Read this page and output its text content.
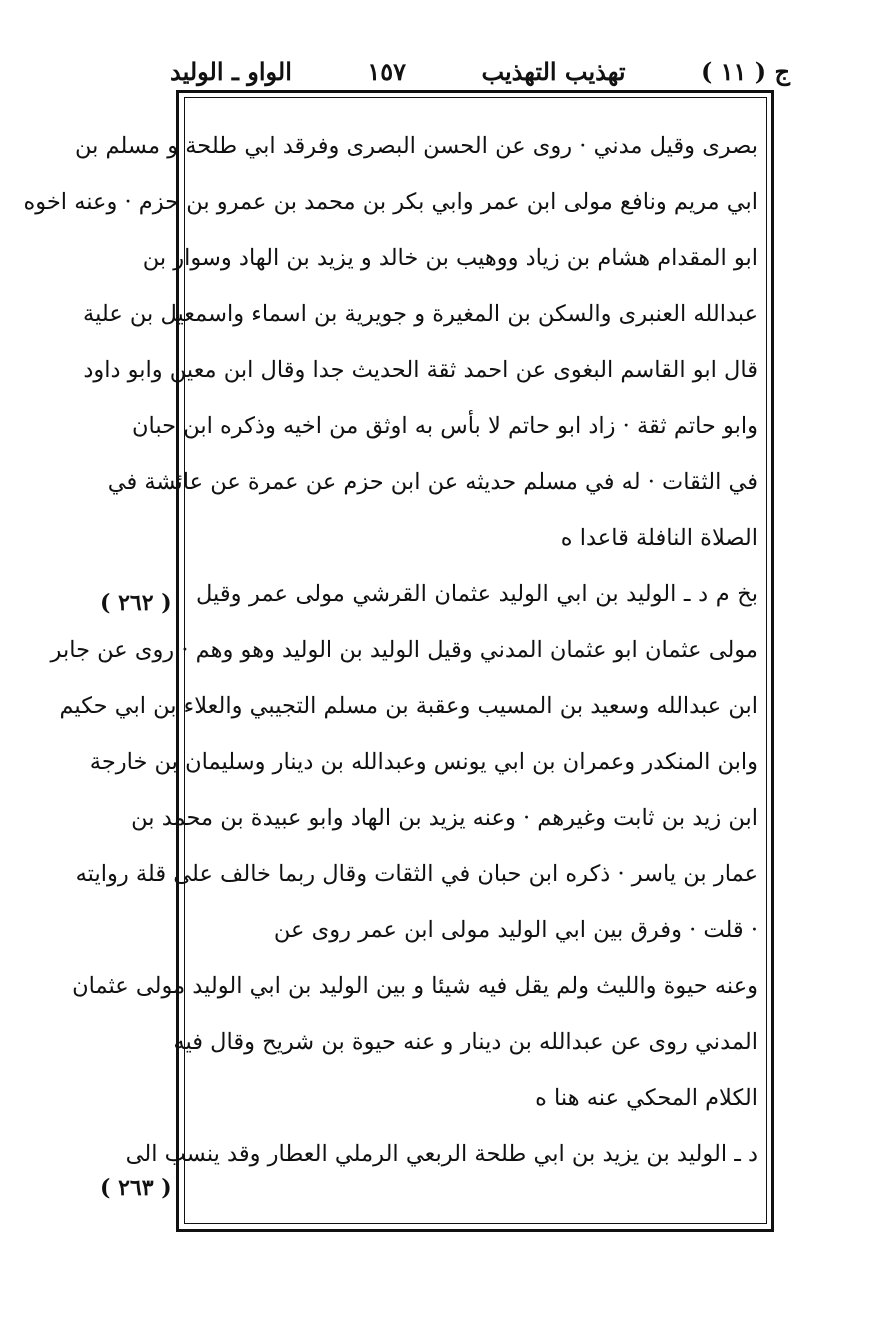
ج ( ١١ )
تهذيب التهذيب
١٥٧
الواو ـ الوليد
بصرى وقيل مدني · روى عن الحسن البصرى وفرقد ابي طلحة و مسلم بن
ابي مريم ونافع مولى ابن عمر وابي بكر بن محمد بن عمرو بن حزم · وعنه اخوه
ابو المقدام هشام بن زياد ووهيب بن خالد و يزيد بن الهاد وسوار بن
عبدالله العنبرى والسكن بن المغيرة و جويرية بن اسماء واسمعيل بن علية
قال ابو القاسم البغوى عن احمد ثقة الحديث جدا وقال ابن معين وابو داود
وابو حاتم ثقة · زاد ابو حاتم لا بأس به اوثق من اخيه وذكره ابن حبان
في الثقات · له في مسلم حديثه عن ابن حزم عن عمرة عن عائشة في
الصلاة النافلة قاعدا ه
بخ م د ـ الوليد بن ابي الوليد عثمان القرشي مولى عمر وقيل
مولى عثمان ابو عثمان المدني وقيل الوليد بن الوليد وهو وهم · روى عن جابر
ابن عبدالله وسعيد بن المسيب وعقبة بن مسلم التجيبي والعلاء بن ابي حكيم
وابن المنكدر وعمران بن ابي يونس وعبدالله بن دينار وسليمان بن خارجة
ابن زيد بن ثابت وغيرهم · وعنه يزيد بن الهاد وابو عبيدة بن محمد بن
عمار بن ياسر · ذكره ابن حبان في الثقات وقال ربما خالف على قلة روايته
· قلت · وفرق بين ابي الوليد مولى ابن عمر روى عن
وعنه حيوة والليث ولم يقل فيه شيئا و بين الوليد بن ابي الوليد مولى عثمان
المدني روى عن عبدالله بن دينار و عنه حيوة بن شريح وقال فيه
الكلام المحكي عنه هنا ه
د ـ الوليد بن يزيد بن ابي طلحة الربعي الرملي العطار وقد ينسب الى
( ٢٦٢ )
( ٢٦٣ )
